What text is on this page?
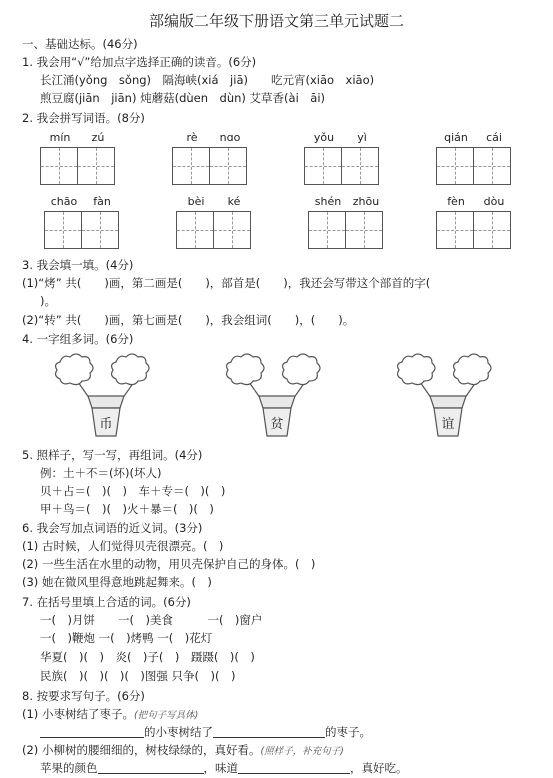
部编版二年级下册语文第三单元试题二
一、基础达标。(46分)
1. 我会用“√”给加点字选择正确的读音。(6分)
长江涌(yǒng　sǒng)　隔海峡(xiá　jiā)　　吃元宵(xiāo　xiāo)
煎豆腐(jiān　jiān) 炖蘑菇(dùen　dùn) 艾草香(ài　āi)
2. 我会拼写词语。(8分)
mín	zú	rè	nɑo	yǒu	yì	qián	cái
chāo	fàn	bèi	ké	shén	zhōu	fèn	dòu
3. 我会填一填。(4分)
(1)“烤” 共(　　)画，第二画是(　　)，部首是(　　)，我还会写带这个部首的字(
)。
(2)“转” 共(　　)画，第七画是(　　)，我会组词(　　)，(　　)。
4. 一字组多词。(6分)
币	贫	谊
5. 照样子，写一写，再组词。(4分)
例：土＋不＝(坏)(坏人)
贝＋占＝(　)(　)　车＋专＝(　)(　)
甲＋鸟＝(　)(　)火＋暴＝(　)(　)
6. 我会写加点词语的近义词。(3分)
(1) 古时候，人们觉得贝壳很漂亮。(　)
(2) 一些生活在水里的动物，用贝壳保护自己的身体。(　)
(3) 她在微风里得意地跳起舞来。(　)
7. 在括号里填上合适的词。(6分)
一(　)月饼　　一(　)美食　　　一(　)窗户
一(　)鞭炮 一(　)烤鸭 一(　)花灯
华夏(　)(　)　炎(　)子(　)　蹑蹑(　)(　)
民族(　)(　)(　)(　)图强 只争(　)(　)
8. 按要求写句子。(6分)
(1) 小枣树结了枣子。(把句子写具体)
的小枣树结了	的枣子。
(2) 小柳树的腰细细的，树枝绿绿的，真好看。(照样子，补充句子)
苹果的颜色	，味道	，真好吃。
